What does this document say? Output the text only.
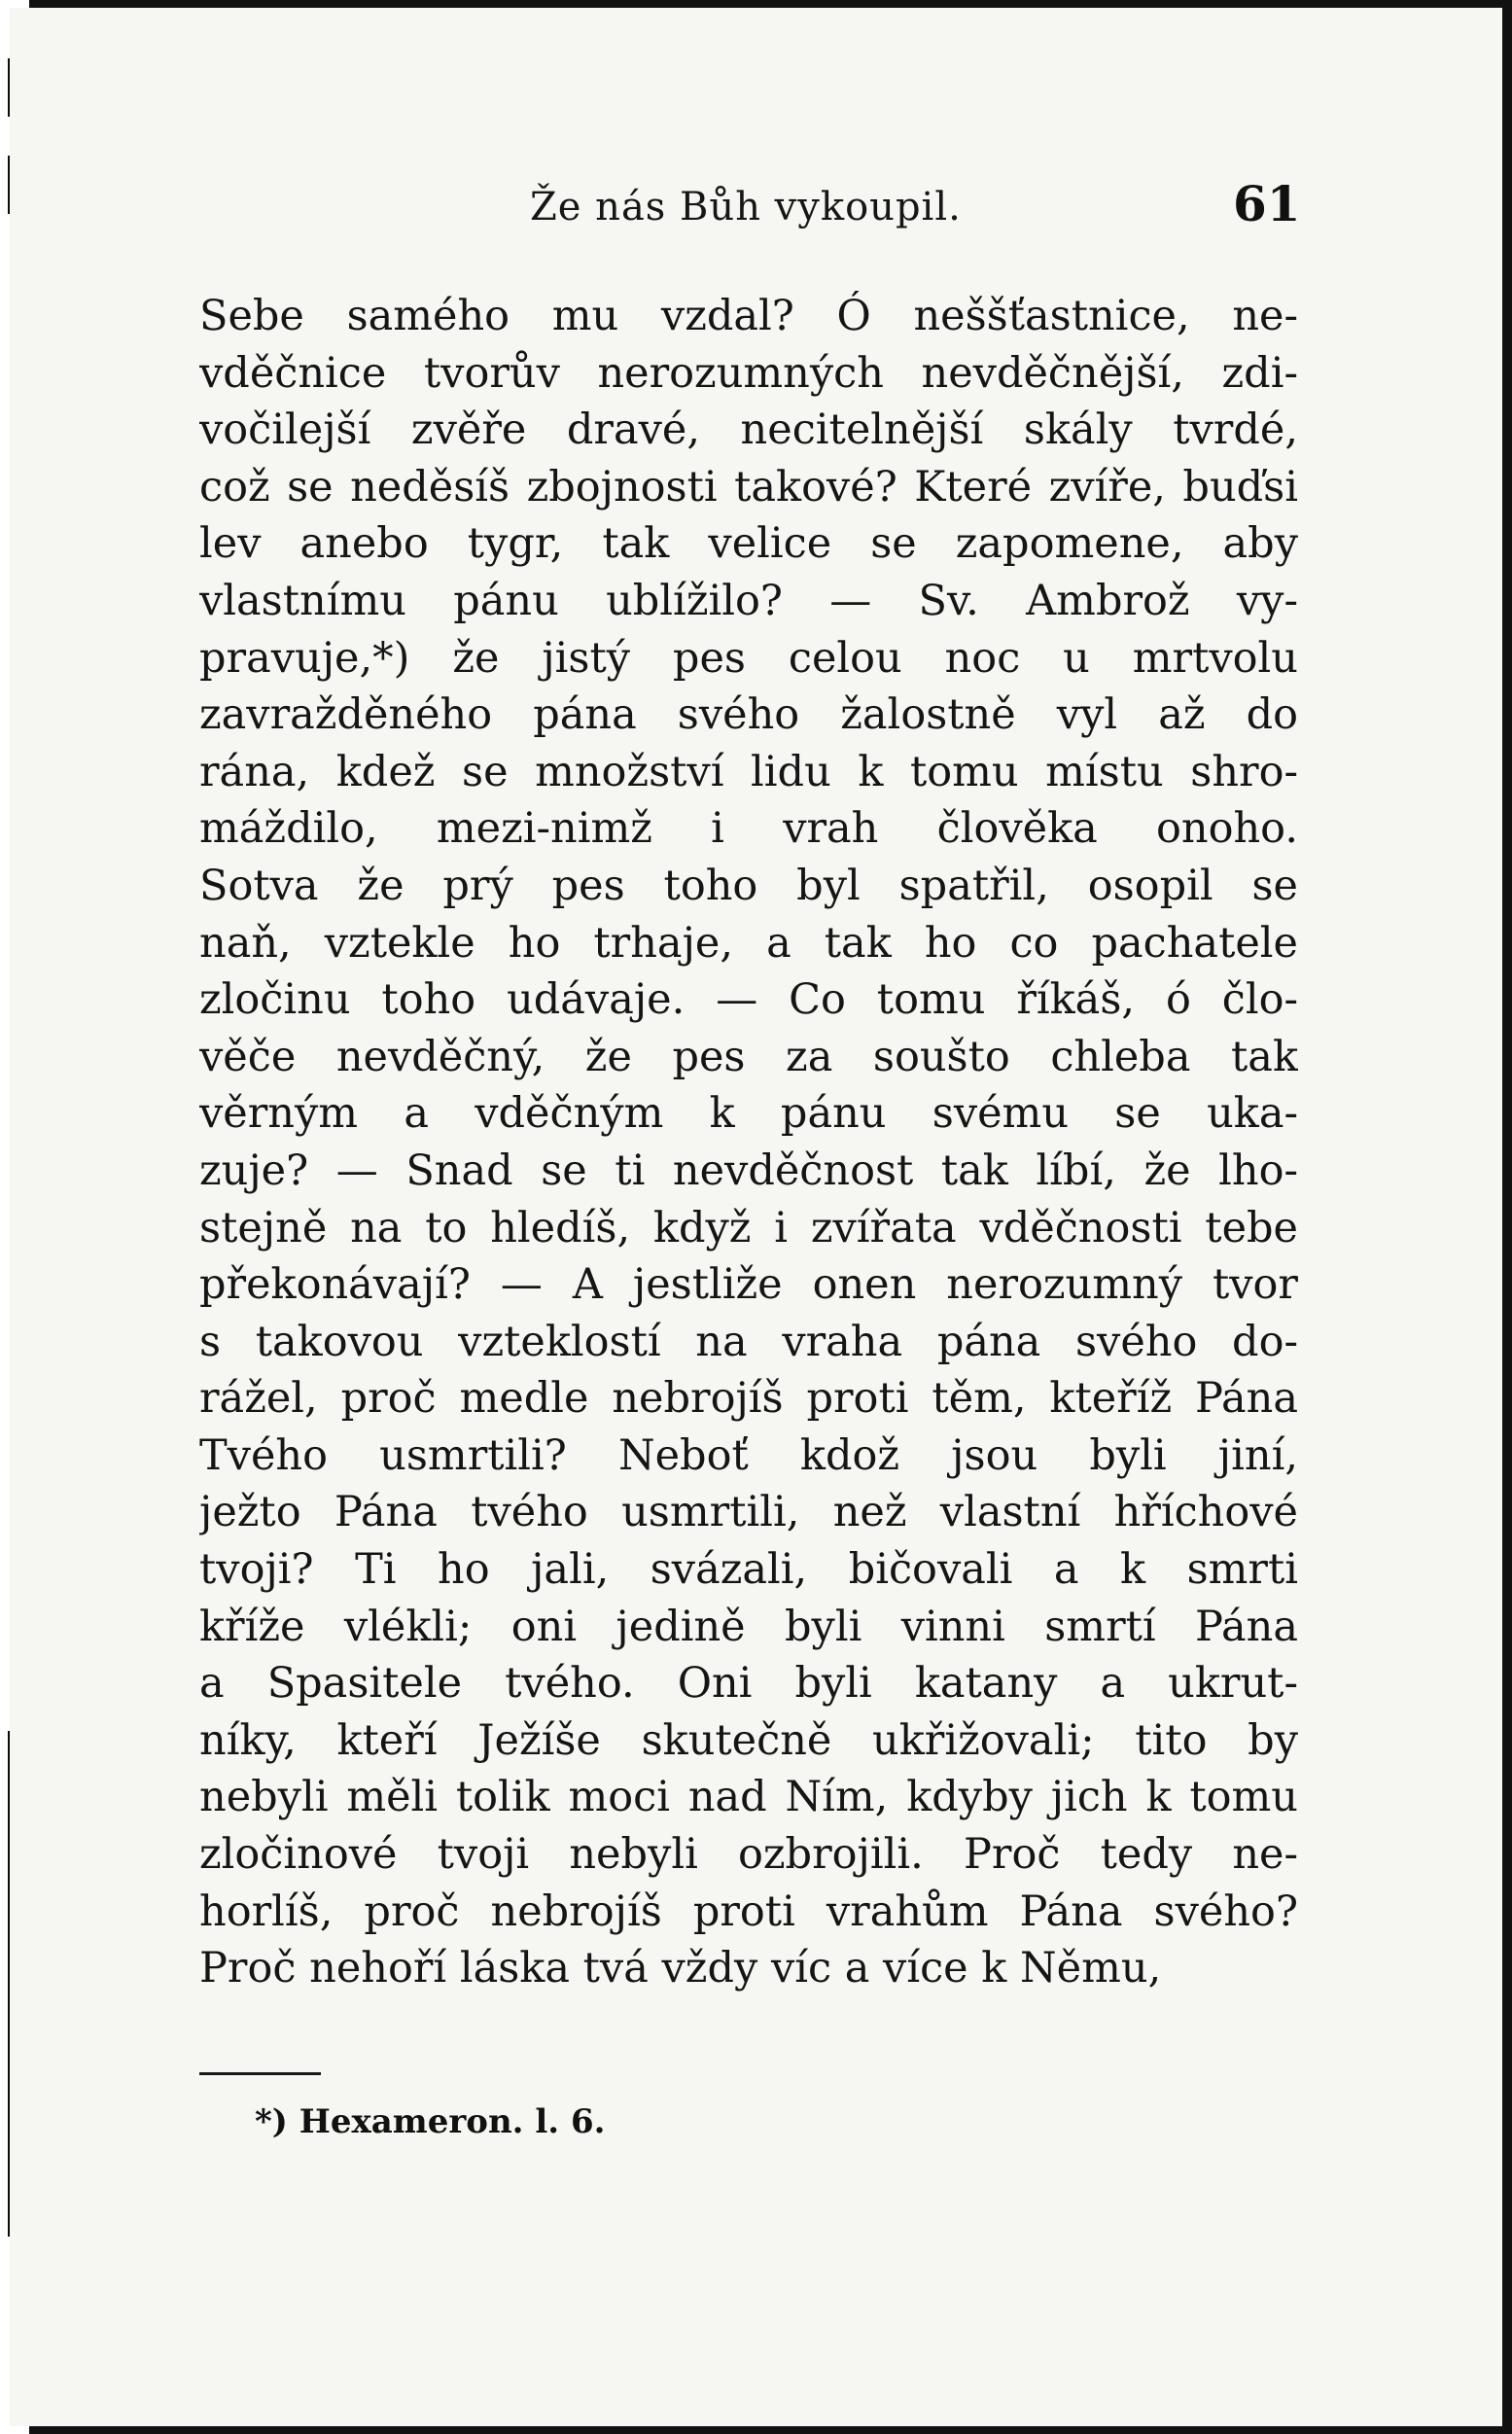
Že nás Bůh vykoupil.	61
Sebe samého mu vzdal? Ó neššťastnice, ne-
vděčnice tvorův nerozumných nevděčnější, zdi-
vočilejší zvěře dravé, necitelnější skály tvrdé,
což se neděsíš zbojnosti takové? Které zvíře, buďsi
lev anebo tygr, tak velice se zapomene, aby
vlastnímu pánu ublížilo? — Sv. Ambrož vy-
pravuje,*) že jistý pes celou noc u mrtvolu
zavražděného pána svého žalostně vyl až do
rána, kdež se množství lidu k tomu místu shro-
máždilo, mezi-nimž i vrah člověka onoho.
Sotva že prý pes toho byl spatřil, osopil se
naň, vztekle ho trhaje, a tak ho co pachatele
zločinu toho udávaje. — Co tomu říkáš, ó člo-
věče nevděčný, že pes za soušto chleba tak
věrným a vděčným k pánu svému se uka-
zuje? — Snad se ti nevděčnost tak líbí, že lho-
stejně na to hledíš, když i zvířata vděčnosti tebe
překonávají? — A jestliže onen nerozumný tvor
s takovou vzteklostí na vraha pána svého do-
rážel, proč medle nebrojíš proti těm, kteříž Pána
Tvého usmrtili? Neboť kdož jsou byli jiní,
ježto Pána tvého usmrtili, než vlastní hříchové
tvoji? Ti ho jali, svázali, bičovali a k smrti
kříže vlékli; oni jedině byli vinni smrtí Pána
a Spasitele tvého. Oni byli katany a ukrut-
níky, kteří Ježíše skutečně ukřižovali; tito by
nebyli měli tolik moci nad Ním, kdyby jich k tomu
zločinové tvoji nebyli ozbrojili. Proč tedy ne-
horlíš, proč nebrojíš proti vrahům Pána svého?
Proč nehoří láska tvá vždy víc a více k Němu,
*) Hexameron. l. 6.
